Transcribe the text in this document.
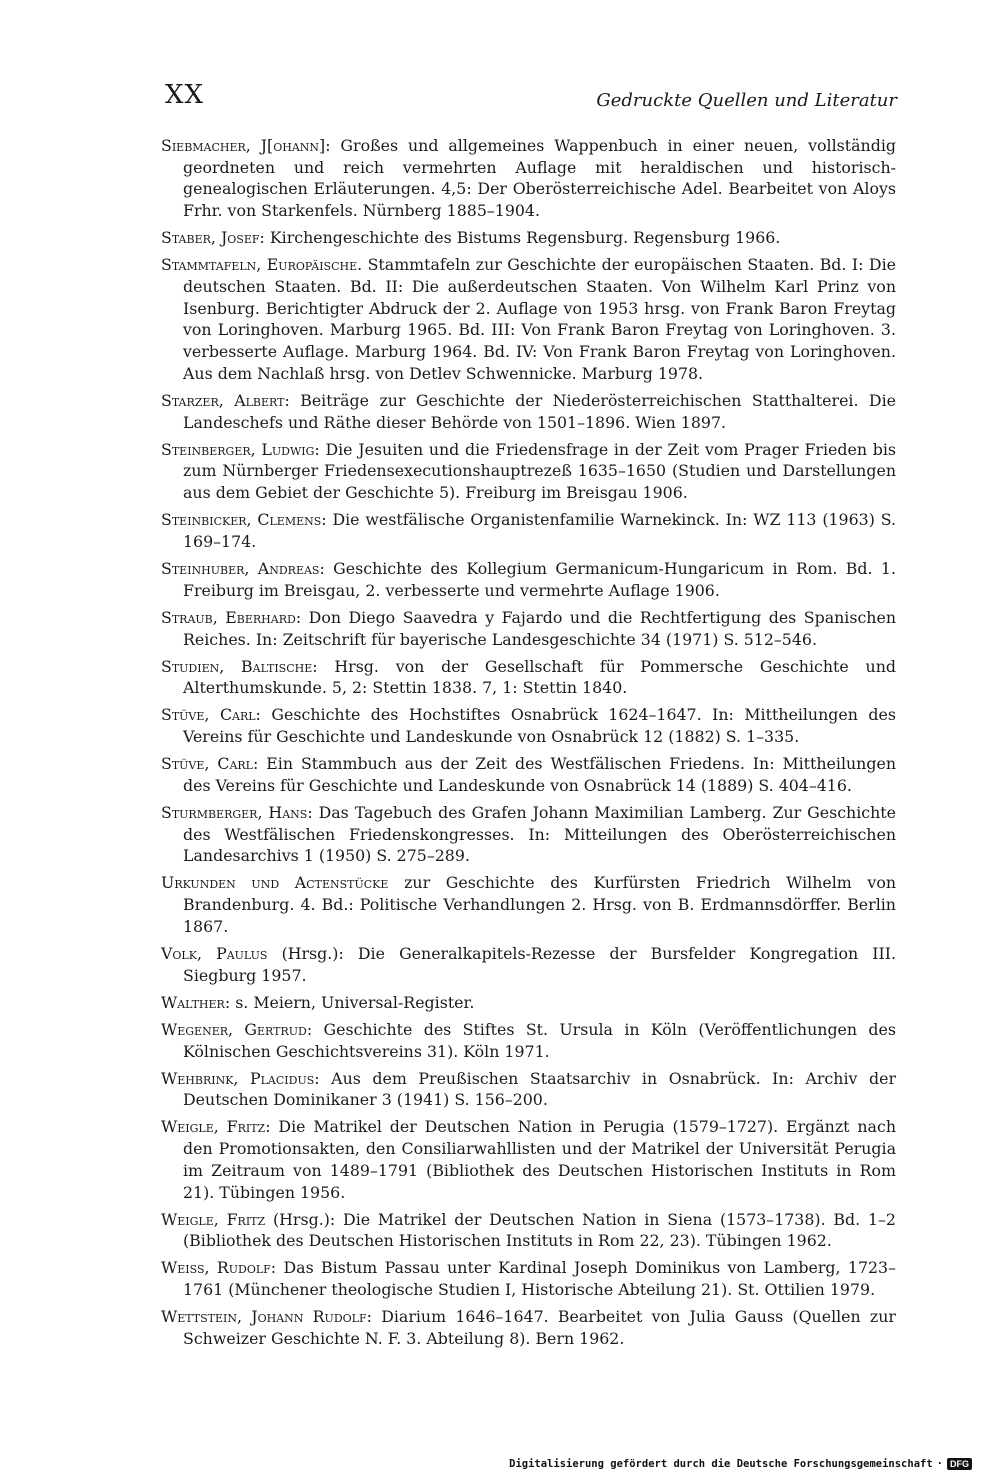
XX	Gedruckte Quellen und Literatur
Siebmacher, J[ohann]: Großes und allgemeines Wappenbuch in einer neuen, vollständig geordneten und reich vermehrten Auflage mit heraldischen und historisch-genealogischen Erläuterungen. 4,5: Der Oberösterreichische Adel. Bearbeitet von Aloys Frhr. von Starkenfels. Nürnberg 1885–1904.
Staber, Josef: Kirchengeschichte des Bistums Regensburg. Regensburg 1966.
Stammtafeln, Europäische. Stammtafeln zur Geschichte der europäischen Staaten. Bd. I: Die deutschen Staaten. Bd. II: Die außerdeutschen Staaten. Von Wilhelm Karl Prinz von Isenburg. Berichtigter Abdruck der 2. Auflage von 1953 hrsg. von Frank Baron Freytag von Loringhoven. Marburg 1965. Bd. III: Von Frank Baron Freytag von Loringhoven. 3. verbesserte Auflage. Marburg 1964. Bd. IV: Von Frank Baron Freytag von Loringhoven. Aus dem Nachlaß hrsg. von Detlev Schwennicke. Marburg 1978.
Starzer, Albert: Beiträge zur Geschichte der Niederösterreichischen Statthalterei. Die Landeschefs und Räthe dieser Behörde von 1501–1896. Wien 1897.
Steinberger, Ludwig: Die Jesuiten und die Friedensfrage in der Zeit vom Prager Frieden bis zum Nürnberger Friedensexecutionshauptrezeß 1635–1650 (Studien und Darstellungen aus dem Gebiet der Geschichte 5). Freiburg im Breisgau 1906.
Steinbicker, Clemens: Die westfälische Organistenfamilie Warnekinck. In: WZ 113 (1963) S. 169–174.
Steinhuber, Andreas: Geschichte des Kollegium Germanicum-Hungaricum in Rom. Bd. 1. Freiburg im Breisgau, 2. verbesserte und vermehrte Auflage 1906.
Straub, Eberhard: Don Diego Saavedra y Fajardo und die Rechtfertigung des Spanischen Reiches. In: Zeitschrift für bayerische Landesgeschichte 34 (1971) S. 512–546.
Studien, Baltische: Hrsg. von der Gesellschaft für Pommersche Geschichte und Alterthumskunde. 5, 2: Stettin 1838. 7, 1: Stettin 1840.
Stüve, Carl: Geschichte des Hochstiftes Osnabrück 1624–1647. In: Mittheilungen des Vereins für Geschichte und Landeskunde von Osnabrück 12 (1882) S. 1–335.
Stüve, Carl: Ein Stammbuch aus der Zeit des Westfälischen Friedens. In: Mittheilungen des Vereins für Geschichte und Landeskunde von Osnabrück 14 (1889) S. 404–416.
Sturmberger, Hans: Das Tagebuch des Grafen Johann Maximilian Lamberg. Zur Geschichte des Westfälischen Friedenskongresses. In: Mitteilungen des Oberösterreichischen Landesarchivs 1 (1950) S. 275–289.
Urkunden und Actenstücke zur Geschichte des Kurfürsten Friedrich Wilhelm von Brandenburg. 4. Bd.: Politische Verhandlungen 2. Hrsg. von B. Erdmannsdörffer. Berlin 1867.
Volk, Paulus (Hrsg.): Die Generalkapitels-Rezesse der Bursfelder Kongregation III. Siegburg 1957.
Walther: s. Meiern, Universal-Register.
Wegener, Gertrud: Geschichte des Stiftes St. Ursula in Köln (Veröffentlichungen des Kölnischen Geschichtsvereins 31). Köln 1971.
Wehbrink, Placidus: Aus dem Preußischen Staatsarchiv in Osnabrück. In: Archiv der Deutschen Dominikaner 3 (1941) S. 156–200.
Weigle, Fritz: Die Matrikel der Deutschen Nation in Perugia (1579–1727). Ergänzt nach den Promotionsakten, den Consiliarwahllisten und der Matrikel der Universität Perugia im Zeitraum von 1489–1791 (Bibliothek des Deutschen Historischen Instituts in Rom 21). Tübingen 1956.
Weigle, Fritz (Hrsg.): Die Matrikel der Deutschen Nation in Siena (1573–1738). Bd. 1–2 (Bibliothek des Deutschen Historischen Instituts in Rom 22, 23). Tübingen 1962.
Weiss, Rudolf: Das Bistum Passau unter Kardinal Joseph Dominikus von Lamberg, 1723–1761 (Münchener theologische Studien I, Historische Abteilung 21). St. Ottilien 1979.
Wettstein, Johann Rudolf: Diarium 1646–1647. Bearbeitet von Julia Gauss (Quellen zur Schweizer Geschichte N. F. 3. Abteilung 8). Bern 1962.
Digitalisierung gefördert durch die Deutsche Forschungsgemeinschaft · DFG
